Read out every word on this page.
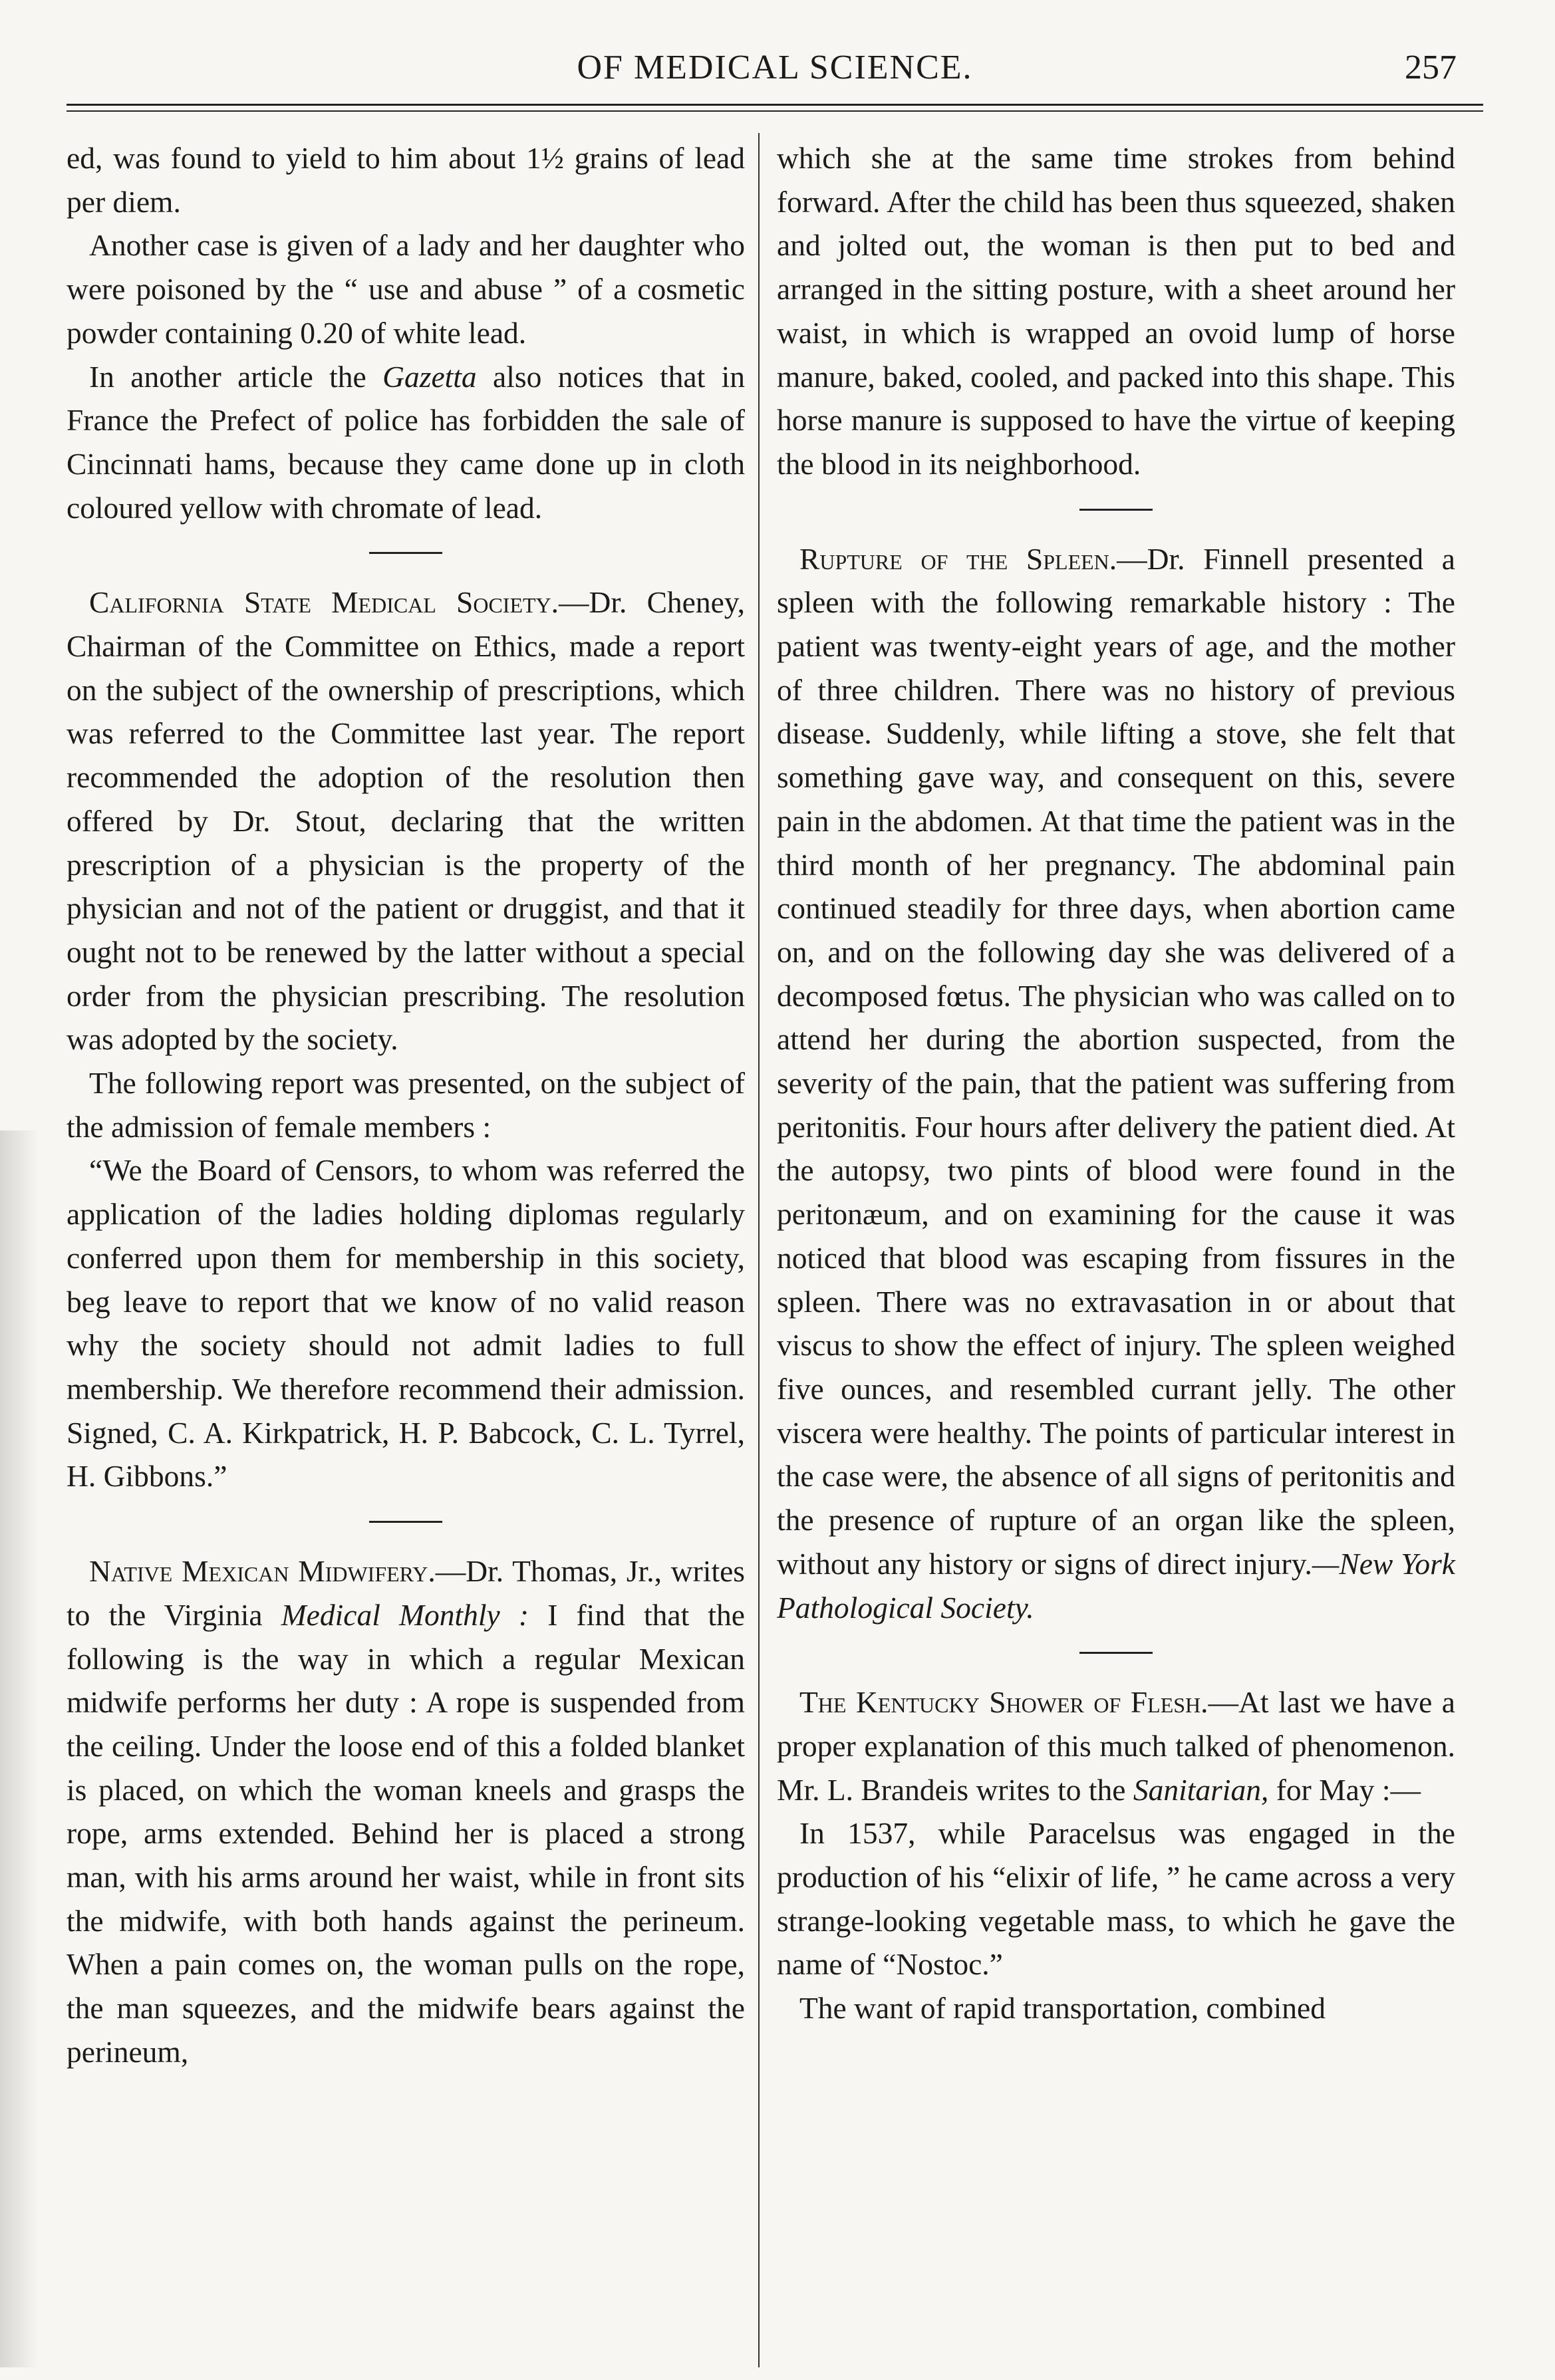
OF MEDICAL SCIENCE.	257

ed, was found to yield to him about 1½ grains of lead per diem.

Another case is given of a lady and her daughter who were poisoned by the “ use and abuse ” of a cosmetic powder containing 0.20 of white lead.

In another article the Gazetta also notices that in France the Prefect of police has forbidden the sale of Cincinnati hams, because they came done up in cloth coloured yellow with chromate of lead.

California State Medical Society.—Dr. Cheney, Chairman of the Committee on Ethics, made a report on the subject of the ownership of prescriptions, which was referred to the Committee last year. The report recommended the adoption of the resolution then offered by Dr. Stout, declaring that the written prescription of a physician is the property of the physician and not of the patient or druggist, and that it ought not to be renewed by the latter without a special order from the physician prescribing. The resolution was adopted by the society.

The following report was presented, on the subject of the admission of female members :

“We the Board of Censors, to whom was referred the application of the ladies holding diplomas regularly conferred upon them for membership in this society, beg leave to report that we know of no valid reason why the society should not admit ladies to full membership. We therefore recommend their admission. Signed, C. A. Kirkpatrick, H. P. Babcock, C. L. Tyrrel, H. Gibbons.”

Native Mexican Midwifery.—Dr. Thomas, Jr., writes to the Virginia Medical Monthly : I find that the following is the way in which a regular Mexican midwife performs her duty : A rope is suspended from the ceiling. Under the loose end of this a folded blanket is placed, on which the woman kneels and grasps the rope, arms extended. Behind her is placed a strong man, with his arms around her waist, while in front sits the midwife, with both hands against the perineum. When a pain comes on, the woman pulls on the rope, the man squeezes, and the midwife bears against the perineum,

which she at the same time strokes from behind forward. After the child has been thus squeezed, shaken and jolted out, the woman is then put to bed and arranged in the sitting posture, with a sheet around her waist, in which is wrapped an ovoid lump of horse manure, baked, cooled, and packed into this shape. This horse manure is supposed to have the virtue of keeping the blood in its neighborhood.

Rupture of the Spleen.—Dr. Finnell presented a spleen with the following remarkable history : The patient was twenty-eight years of age, and the mother of three children. There was no history of previous disease. Suddenly, while lifting a stove, she felt that something gave way, and consequent on this, severe pain in the abdomen. At that time the patient was in the third month of her pregnancy. The abdominal pain continued steadily for three days, when abortion came on, and on the following day she was delivered of a decomposed fœtus. The physician who was called on to attend her during the abortion suspected, from the severity of the pain, that the patient was suffering from peritonitis. Four hours after delivery the patient died. At the autopsy, two pints of blood were found in the peritonæum, and on examining for the cause it was noticed that blood was escaping from fissures in the spleen. There was no extravasation in or about that viscus to show the effect of injury. The spleen weighed five ounces, and resembled currant jelly. The other viscera were healthy. The points of particular interest in the case were, the absence of all signs of peritonitis and the presence of rupture of an organ like the spleen, without any history or signs of direct injury.—New York Pathological Society.

The Kentucky Shower of Flesh.—At last we have a proper explanation of this much talked of phenomenon. Mr. L. Brandeis writes to the Sanitarian, for May :—

In 1537, while Paracelsus was engaged in the production of his “elixir of life, ” he came across a very strange-looking vegetable mass, to which he gave the name of “Nostoc.”

The want of rapid transportation, combined
